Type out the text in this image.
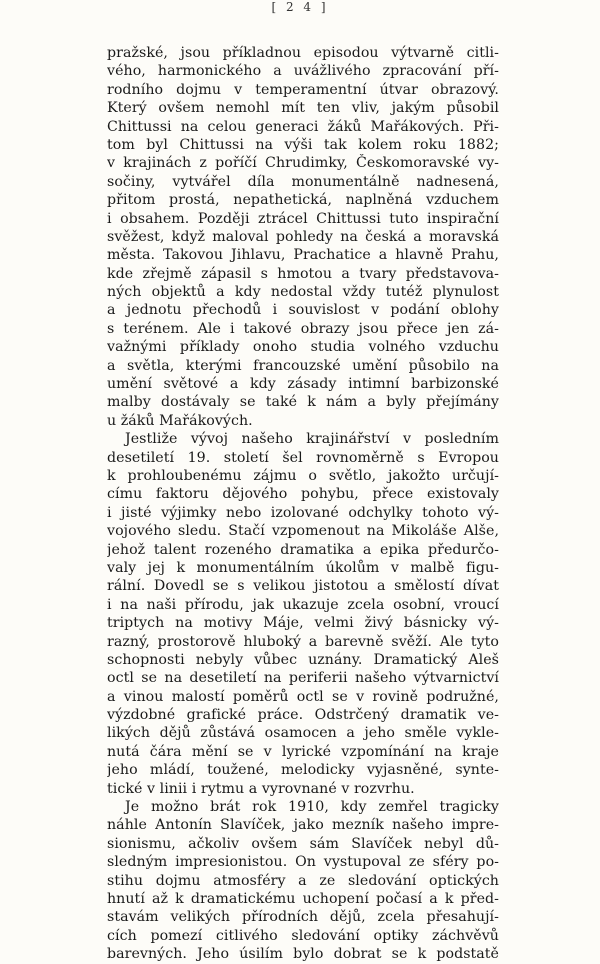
[ 2 4 ]
pražské, jsou příkladnou episodou výtvarně citli-
vého, harmonického a uvážlivého zpracování pří-
rodního dojmu v temperamentní útvar obrazový.
Který ovšem nemohl mít ten vliv, jakým působil
Chittussi na celou generaci žáků Mařákových. Při-
tom byl Chittussi na výši tak kolem roku 1882;
v krajinách z poříčí Chrudimky, Českomoravské vy-
sočiny, vytvářel díla monumentálně nadnesená,
přitom prostá, nepathetická, naplněná vzduchem
i obsahem. Později ztrácel Chittussi tuto inspirační
svěžest, když maloval pohledy na česká a moravská
města. Takovou Jihlavu, Prachatice a hlavně Prahu,
kde zřejmě zápasil s hmotou a tvary představova-
ných objektů a kdy nedostal vždy tutéž plynulost
a jednotu přechodů i souvislost v podání oblohy
s terénem. Ale i takové obrazy jsou přece jen zá-
važnými příklady onoho studia volného vzduchu
a světla, kterými francouzské umění působilo na
umění světové a kdy zásady intimní barbizonské
malby dostávaly se také k nám a byly přejímány
u žáků Mařákových.
Jestliže vývoj našeho krajinářství v posledním
desetiletí 19. století šel rovnoměrně s Evropou
k prohloubenému zájmu o světlo, jakožto určují-
címu faktoru dějového pohybu, přece existovaly
i jisté výjimky nebo izolované odchylky tohoto vý-
vojového sledu. Stačí vzpomenout na Mikoláše Alše,
jehož talent rozeného dramatika a epika předurčo-
valy jej k monumentálním úkolům v malbě figu-
rální. Dovedl se s velikou jistotou a smělostí dívat
i na naši přírodu, jak ukazuje zcela osobní, vroucí
triptych na motivy Máje, velmi živý básnicky vý-
razný, prostorově hluboký a barevně svěží. Ale tyto
schopnosti nebyly vůbec uznány. Dramatický Aleš
octl se na desetiletí na periferii našeho výtvarnictví
a vinou malostí poměrů octl se v rovině podružné,
výzdobné grafické práce. Odstrčený dramatik ve-
likých dějů zůstává osamocen a jeho směle vykle-
nutá čára mění se v lyrické vzpomínání na kraje
jeho mládí, toužené, melodicky vyjasněné, synte-
tické v linii i rytmu a vyrovnané v rozvrhu.
Je možno brát rok 1910, kdy zemřel tragicky
náhle Antonín Slavíček, jako mezník našeho impre-
sionismu, ačkoliv ovšem sám Slavíček nebyl dů-
sledným impresionistou. On vystupoval ze sféry po-
stihu dojmu atmosféry a ze sledování optických
hnutí až k dramatickému uchopení počasí a k před-
stavám velikých přírodních dějů, zcela přesahují-
cích pomezí citlivého sledování optiky záchvěvů
barevných. Jeho úsilím bylo dobrat se k podstatě
